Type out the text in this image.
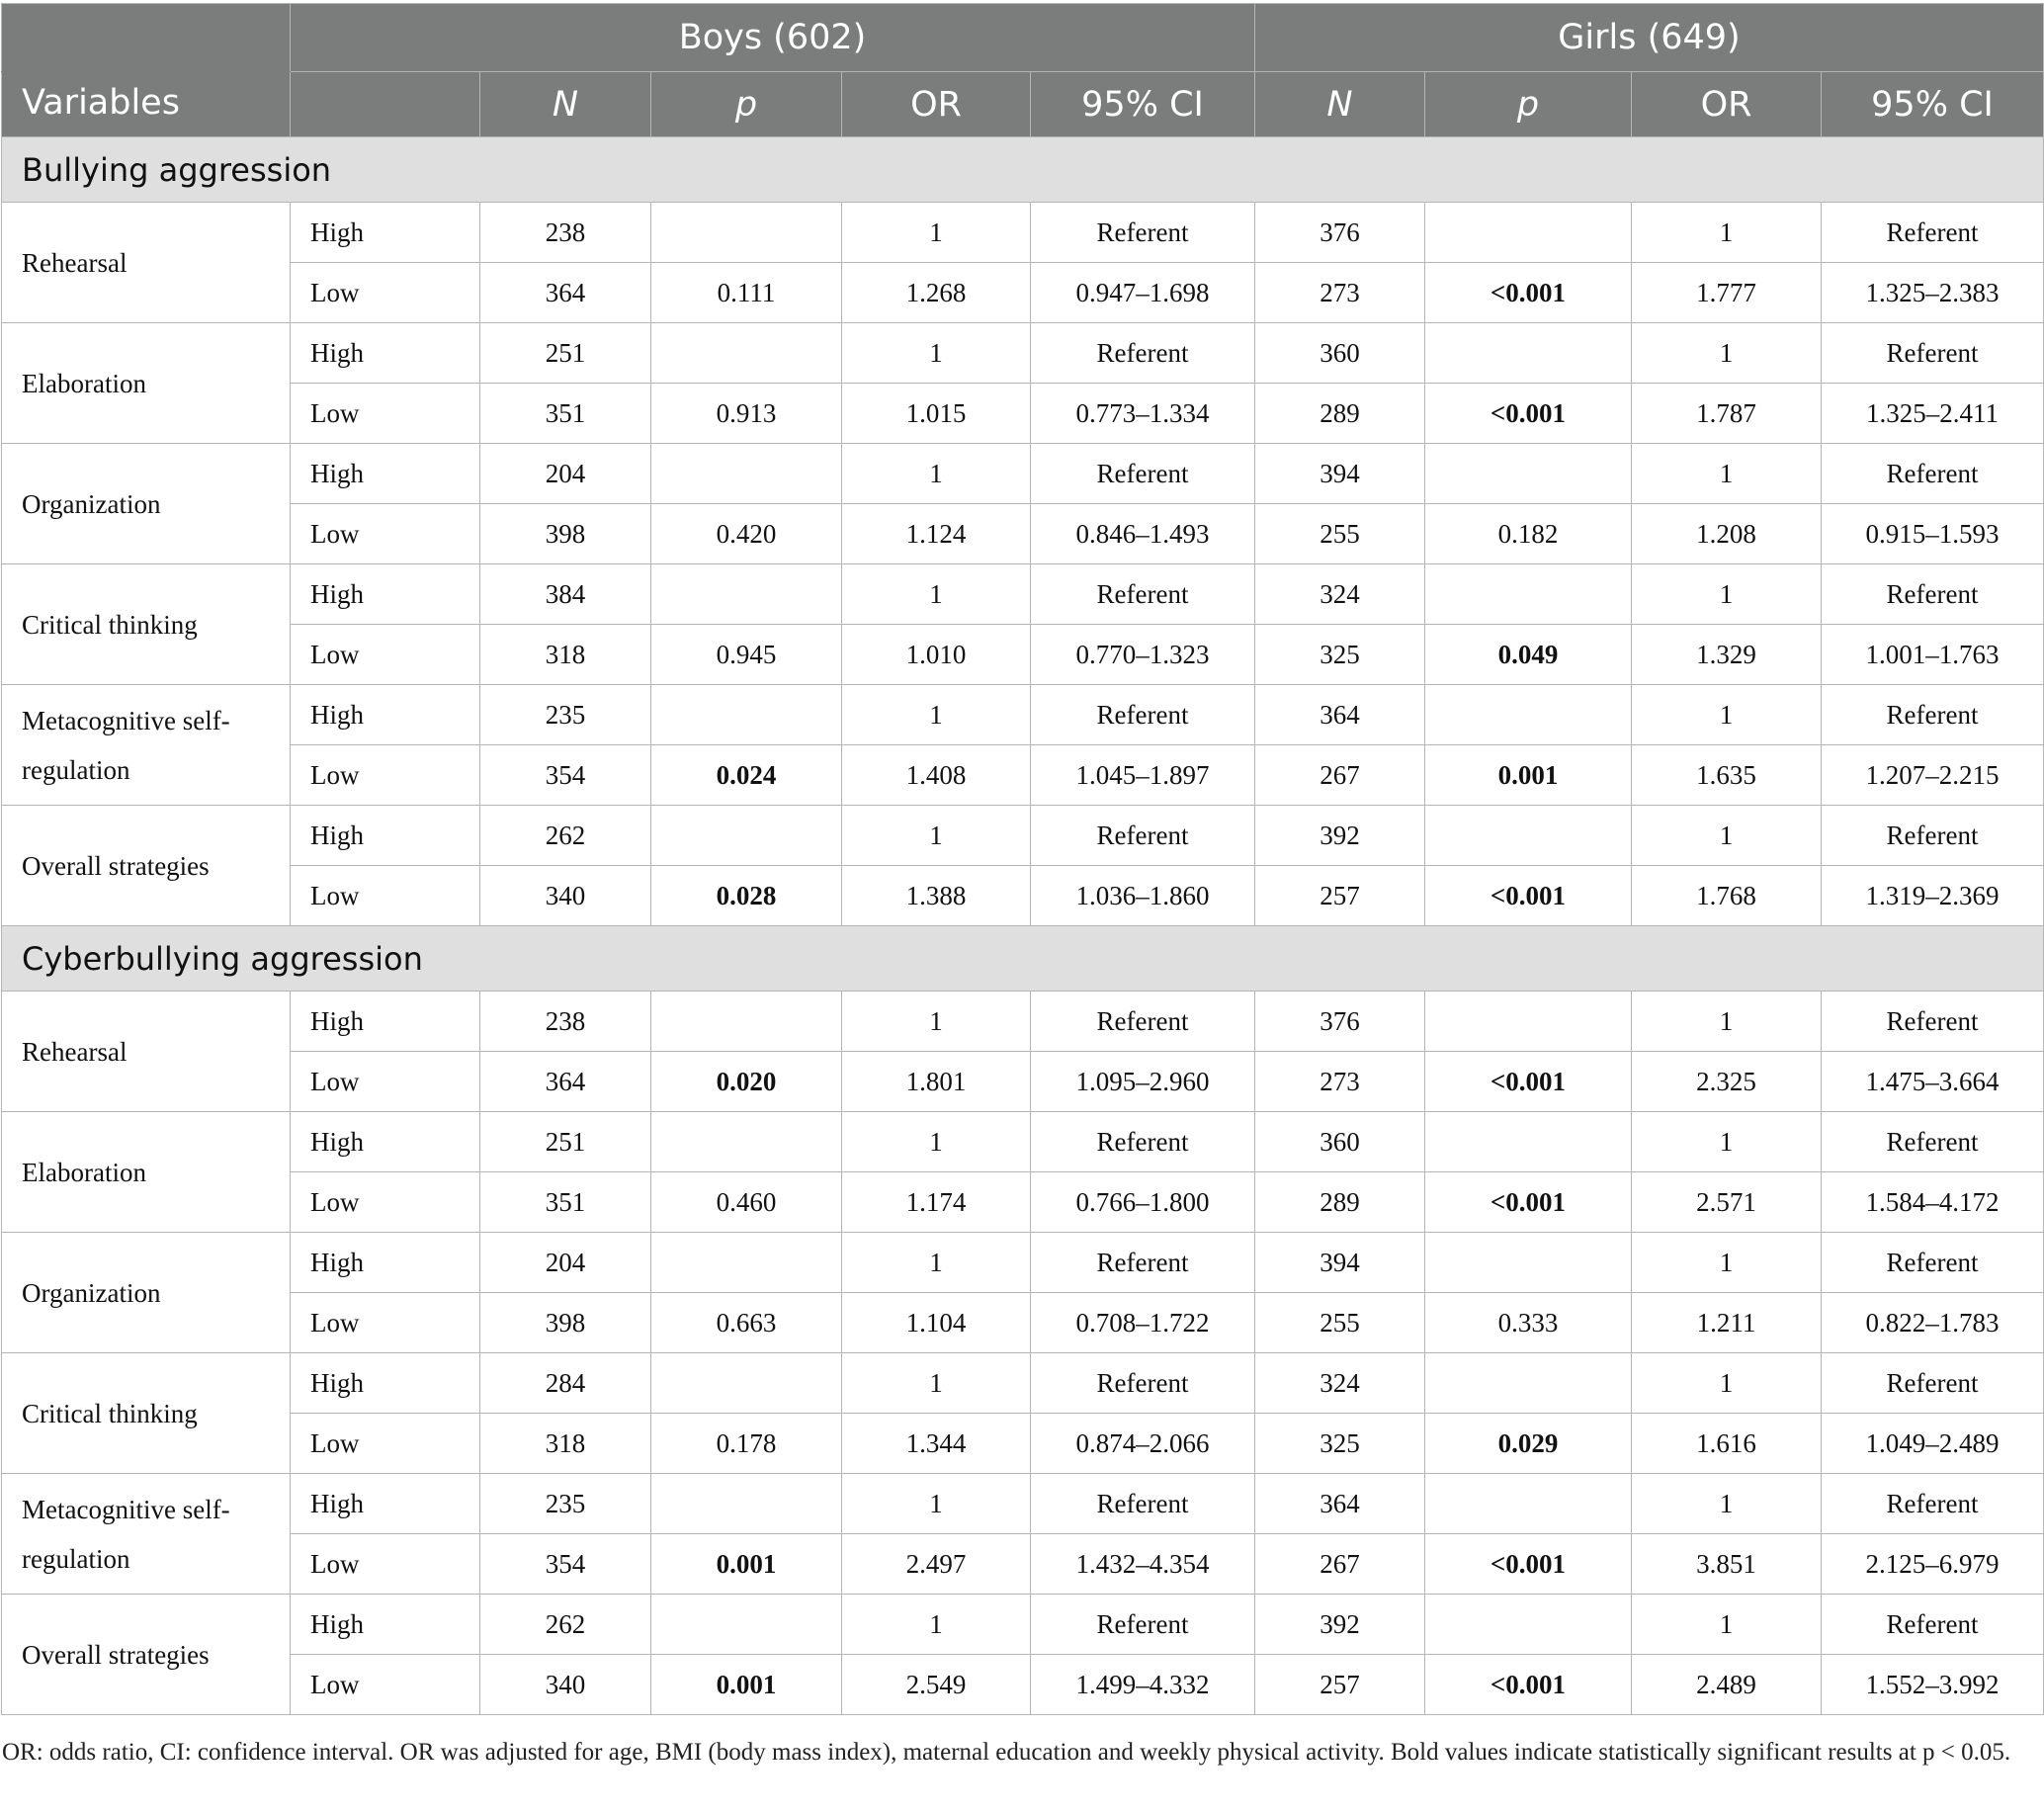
	Boys (602)					Girls (649)			
Variables		N	p	OR	95% CI	N	p	OR	95% CI
Bullying aggression									
Rehearsal	High	238		1	Referent	376		1	Referent
	Low	364	0.111	1.268	0.947–1.698	273	<0.001	1.777	1.325–2.383
Elaboration	High	251		1	Referent	360		1	Referent
	Low	351	0.913	1.015	0.773–1.334	289	<0.001	1.787	1.325–2.411
Organization	High	204		1	Referent	394		1	Referent
	Low	398	0.420	1.124	0.846–1.493	255	0.182	1.208	0.915–1.593
Critical thinking	High	384		1	Referent	324		1	Referent
	Low	318	0.945	1.010	0.770–1.323	325	0.049	1.329	1.001–1.763
Metacognitive self-regulation	High	235		1	Referent	364		1	Referent
	Low	354	0.024	1.408	1.045–1.897	267	0.001	1.635	1.207–2.215
Overall strategies	High	262		1	Referent	392		1	Referent
	Low	340	0.028	1.388	1.036–1.860	257	<0.001	1.768	1.319–2.369
Cyberbullying aggression									
Rehearsal	High	238		1	Referent	376		1	Referent
	Low	364	0.020	1.801	1.095–2.960	273	<0.001	2.325	1.475–3.664
Elaboration	High	251		1	Referent	360		1	Referent
	Low	351	0.460	1.174	0.766–1.800	289	<0.001	2.571	1.584–4.172
Organization	High	204		1	Referent	394		1	Referent
	Low	398	0.663	1.104	0.708–1.722	255	0.333	1.211	0.822–1.783
Critical thinking	High	284		1	Referent	324		1	Referent
	Low	318	0.178	1.344	0.874–2.066	325	0.029	1.616	1.049–2.489
Metacognitive self-regulation	High	235		1	Referent	364		1	Referent
	Low	354	0.001	2.497	1.432–4.354	267	<0.001	3.851	2.125–6.979
Overall strategies	High	262		1	Referent	392		1	Referent
	Low	340	0.001	2.549	1.499–4.332	257	<0.001	2.489	1.552–3.992
OR: odds ratio, CI: confidence interval. OR was adjusted for age, BMI (body mass index), maternal education and weekly physical activity. Bold values indicate statistically significant results at p < 0.05.
